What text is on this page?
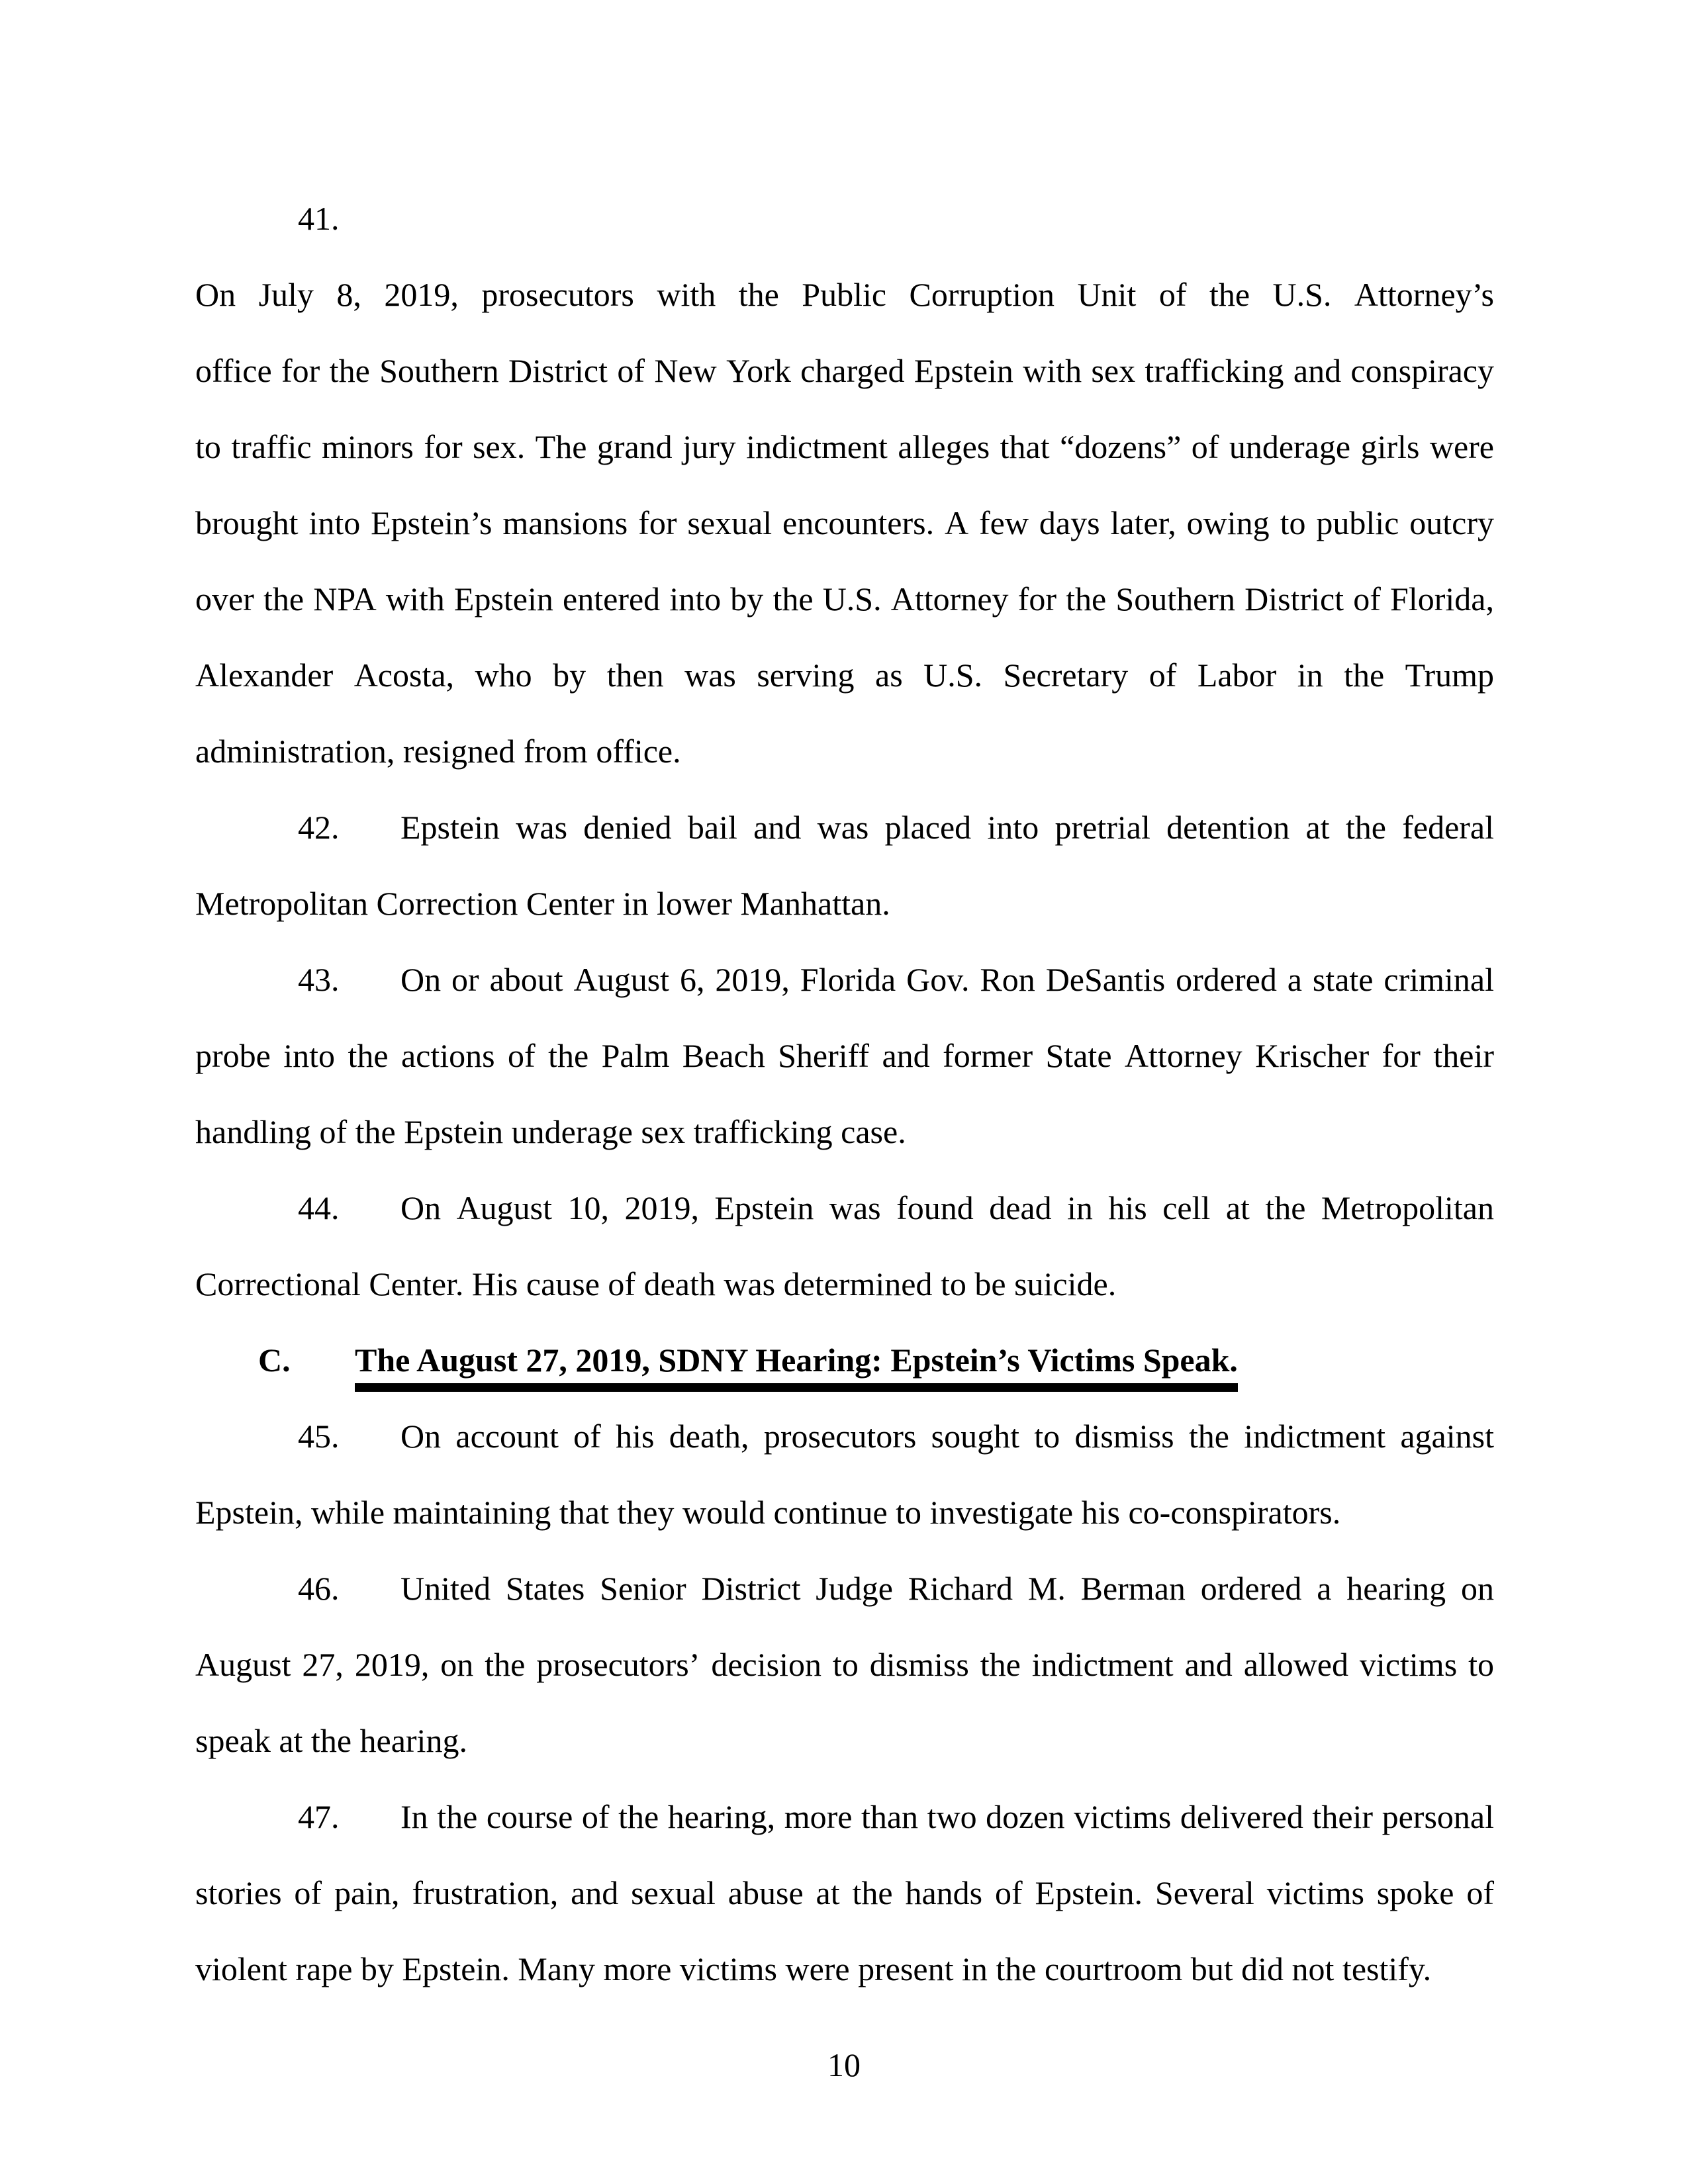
41.On July 8, 2019, prosecutors with the Public Corruption Unit of the U.S. Attorney’s
office for the Southern District of New York charged Epstein with sex trafficking and conspiracy
to traffic minors for sex. The grand jury indictment alleges that “dozens” of underage girls were
brought into Epstein’s mansions for sexual encounters. A few days later, owing to public outcry
over the NPA with Epstein entered into by the U.S. Attorney for the Southern District of Florida,
Alexander Acosta, who by then was serving as U.S. Secretary of Labor in the Trump
administration, resigned from office.
42. Epstein was denied bail and was placed into pretrial detention at the federal
Metropolitan Correction Center in lower Manhattan.
43. On or about August 6, 2019, Florida Gov. Ron DeSantis ordered a state criminal
probe into the actions of the Palm Beach Sheriff and former State Attorney Krischer for their
handling of the Epstein underage sex trafficking case.
44. On August 10, 2019, Epstein was found dead in his cell at the Metropolitan
Correctional Center. His cause of death was determined to be suicide.
C. The August 27, 2019, SDNY Hearing: Epstein’s Victims Speak.
45. On account of his death, prosecutors sought to dismiss the indictment against
Epstein, while maintaining that they would continue to investigate his co-conspirators.
46. United States Senior District Judge Richard M. Berman ordered a hearing on
August 27, 2019, on the prosecutors’ decision to dismiss the indictment and allowed victims to
speak at the hearing.
47. In the course of the hearing, more than two dozen victims delivered their personal
stories of pain, frustration, and sexual abuse at the hands of Epstein. Several victims spoke of
violent rape by Epstein. Many more victims were present in the courtroom but did not testify.
10
